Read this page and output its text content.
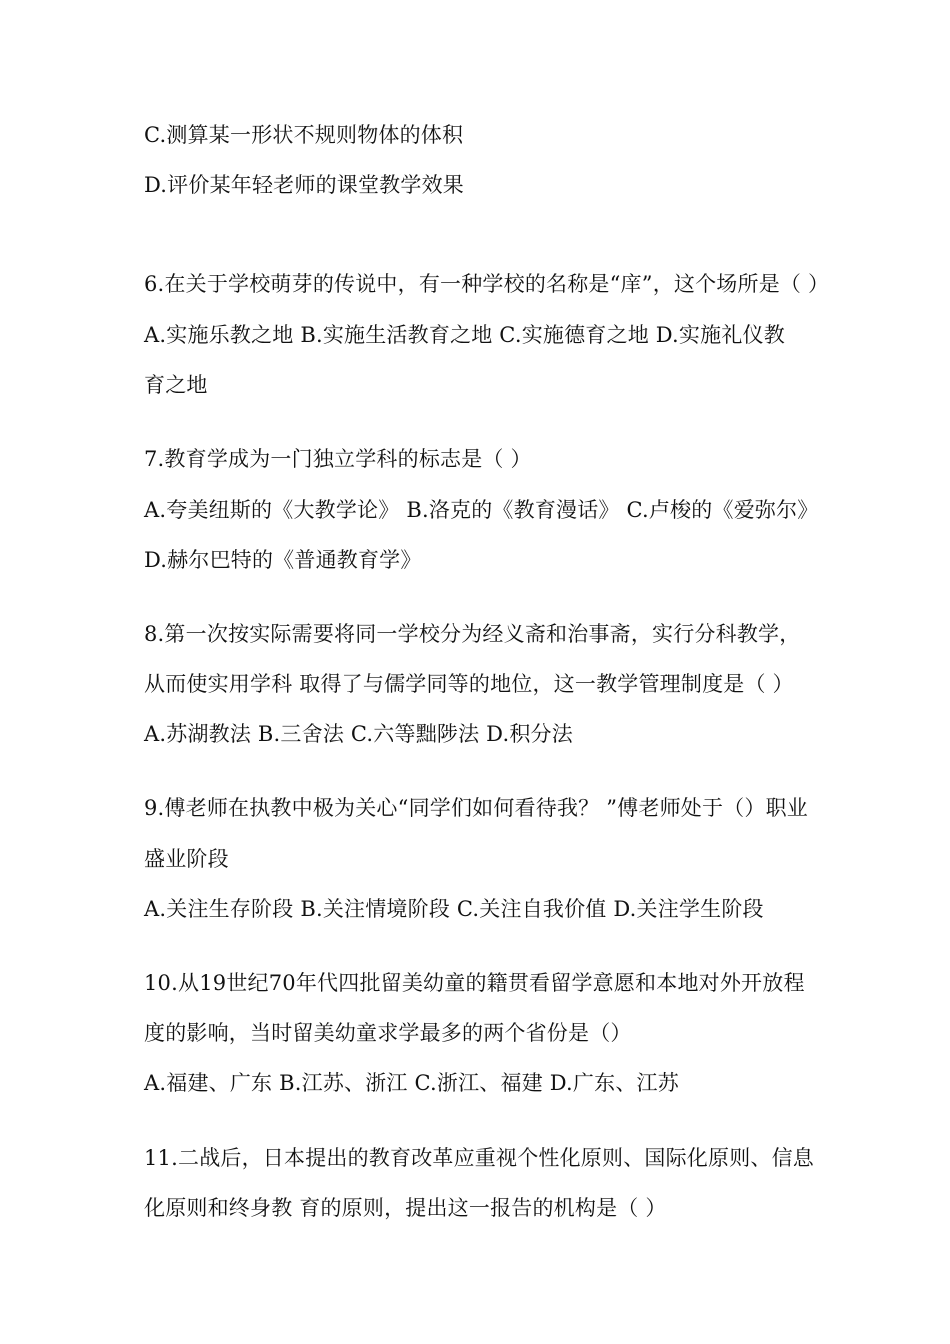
C.测算某一形状不规则物体的体积
D.评价某年轻老师的课堂教学效果
6.在关于学校萌芽的传说中，有一种学校的名称是“庠”，这个场所是（ ）
A.实施乐教之地 B.实施生活教育之地 C.实施德育之地 D.实施礼仪教
育之地
7.教育学成为一门独立学科的标志是（ ）
A.夸美纽斯的《大教学论》 B.洛克的《教育漫话》 C.卢梭的《爱弥尔》
D.赫尔巴特的《普通教育学》
8.第一次按实际需要将同一学校分为经义斋和治事斋，实行分科教学，
从而使实用学科 取得了与儒学同等的地位，这一教学管理制度是（ ）
A.苏湖教法 B.三舍法 C.六等黜陟法 D.积分法
9.傅老师在执教中极为关心“同学们如何看待我？ ”傅老师处于（）职业
盛业阶段
A.关注生存阶段 B.关注情境阶段 C.关注自我价值 D.关注学生阶段
10.从19世纪70年代四批留美幼童的籍贯看留学意愿和本地对外开放程
度的影响，当时留美幼童求学最多的两个省份是（）
A.福建、广东 B.江苏、浙江 C.浙江、福建 D.广东、江苏
11.二战后，日本提出的教育改革应重视个性化原则、国际化原则、信息
化原则和终身教 育的原则，提出这一报告的机构是（ ）
